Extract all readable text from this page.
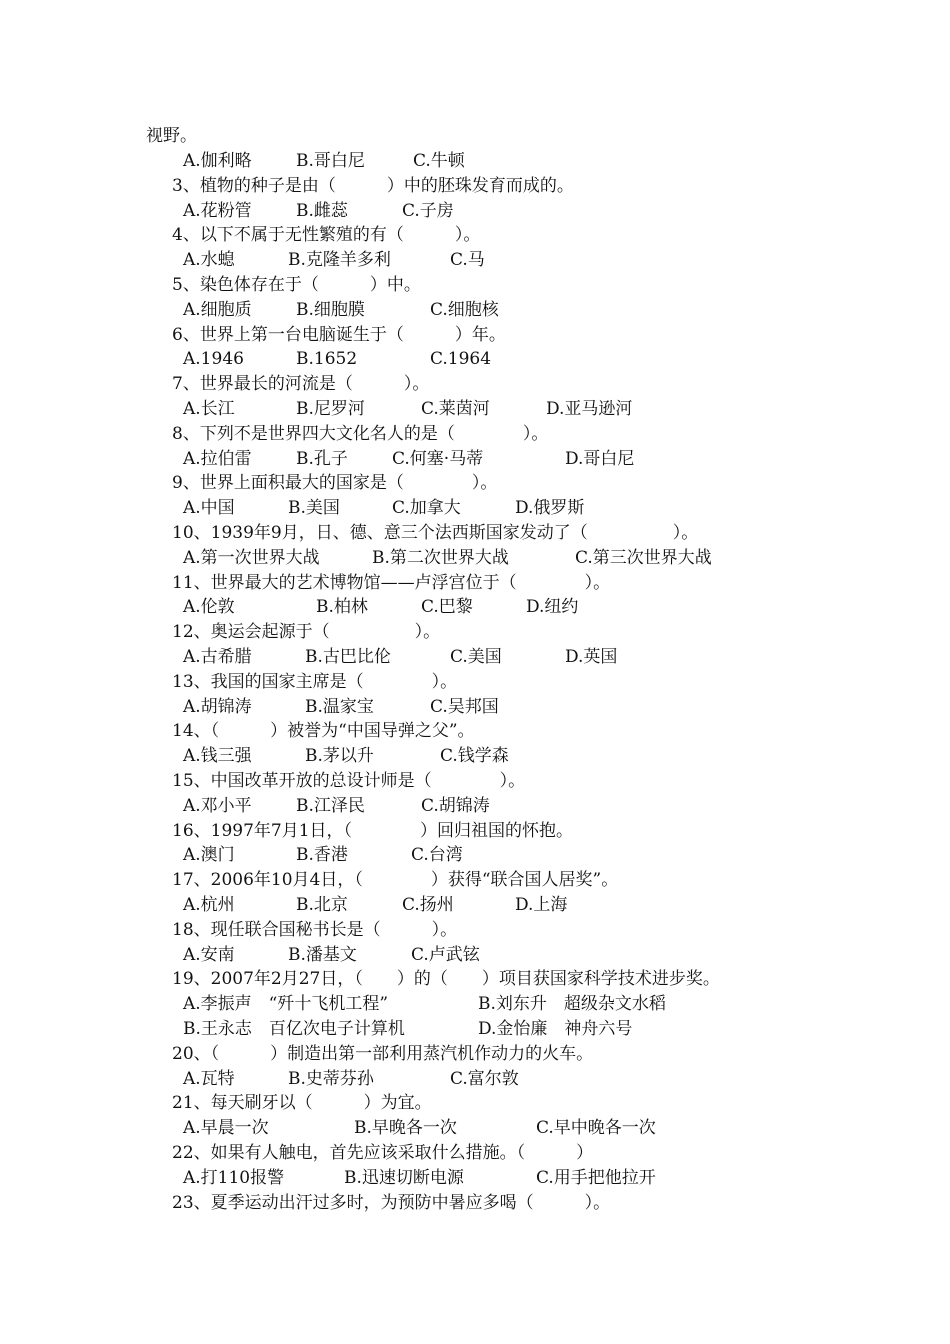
视野。
A.伽利略	B.哥白尼	C.牛顿
3、植物的种子是由（　　　）中的胚珠发育而成的。
A.花粉管	B.雌蕊	C.子房
4、以下不属于无性繁殖的有（　　　）。
A.水螅	B.克隆羊多利	C.马
5、染色体存在于（　　　）中。
A.细胞质	B.细胞膜	C.细胞核
6、世界上第一台电脑诞生于（　　　）年。
A.1946	B.1652	C.1964
7、世界最长的河流是（　　　）。
A.长江	B.尼罗河	C.莱茵河	D.亚马逊河
8、下列不是世界四大文化名人的是（　　　　）。
A.拉伯雷	B.孔子	C.何塞·马蒂	D.哥白尼
9、世界上面积最大的国家是（　　　　）。
A.中国	B.美国	C.加拿大	D.俄罗斯
10、1939年9月，日、德、意三个法西斯国家发动了（　　　　　）。
A.第一次世界大战	B.第二次世界大战	C.第三次世界大战
11、世界最大的艺术博物馆——卢浮宫位于（　　　　）。
A.伦敦	B.柏林	C.巴黎	D.纽约
12、奥运会起源于（　　　　　）。
A.古希腊	B.古巴比伦	C.美国	D.英国
13、我国的国家主席是（　　　　）。
A.胡锦涛	B.温家宝	C.吴邦国
14、（　　　）被誉为“中国导弹之父”。
A.钱三强	B.茅以升	C.钱学森
15、中国改革开放的总设计师是（　　　　）。
A.邓小平	B.江泽民	C.胡锦涛
16、1997年7月1日，（　　　　）回归祖国的怀抱。
A.澳门	B.香港	C.台湾
17、2006年10月4日，（　　　　）获得“联合国人居奖”。
A.杭州	B.北京	C.扬州	D.上海
18、现任联合国秘书长是（　　　）。
A.安南	B.潘基文	C.卢武铉
19、2007年2月27日，（　　）的（　　）项目获国家科学技术进步奖。
A.李振声　“歼十飞机工程”	B.刘东升　超级杂文水稻
B.王永志　百亿次电子计算机	D.金怡廉　神舟六号
20、（　　　）制造出第一部利用蒸汽机作动力的火车。
A.瓦特	B.史蒂芬孙	C.富尔敦
21、每天刷牙以（　　　）为宜。
A.早晨一次	B.早晚各一次	C.早中晚各一次
22、如果有人触电，首先应该采取什么措施。（　　　）
A.打110报警	B.迅速切断电源	C.用手把他拉开
23、夏季运动出汗过多时，为预防中暑应多喝（　　　）。
